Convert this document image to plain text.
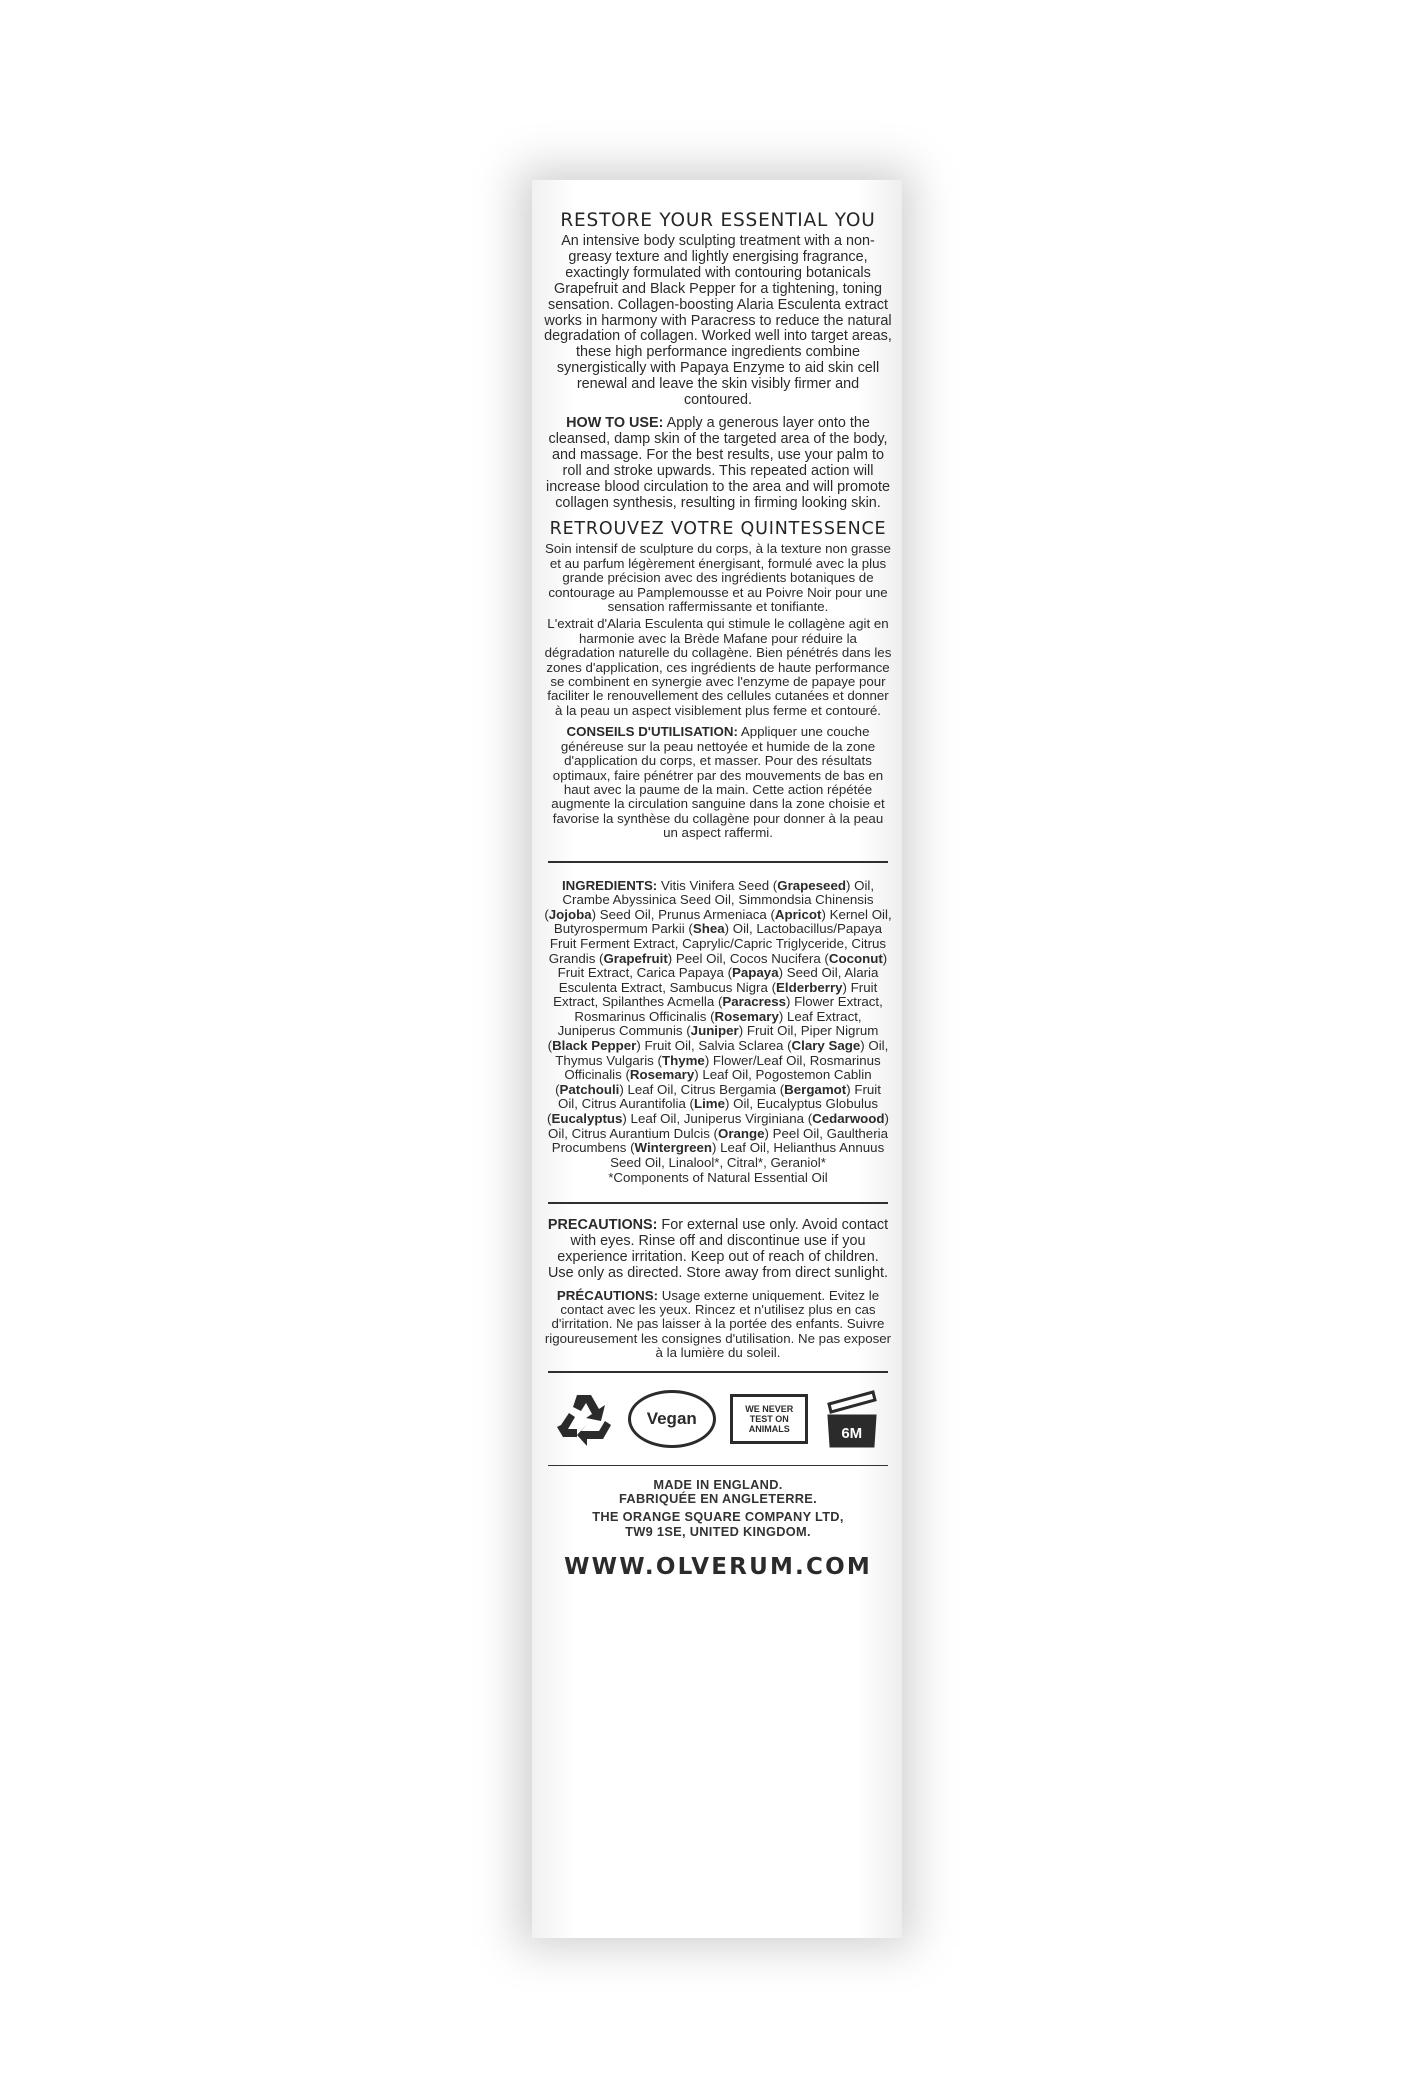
RESTORE YOUR ESSENTIAL YOU

An intensive body sculpting treatment with a non-greasy texture and lightly energising fragrance, exactingly formulated with contouring botanicals Grapefruit and Black Pepper for a tightening, toning sensation. Collagen-boosting Alaria Esculenta extract works in harmony with Paracress to reduce the natural degradation of collagen. Worked well into target areas, these high performance ingredients combine synergistically with Papaya Enzyme to aid skin cell renewal and leave the skin visibly firmer and contoured.

HOW TO USE: Apply a generous layer onto the cleansed, damp skin of the targeted area of the body, and massage. For the best results, use your palm to roll and stroke upwards. This repeated action will increase blood circulation to the area and will promote collagen synthesis, resulting in firming looking skin.

RETROUVEZ VOTRE QUINTESSENCE

Soin intensif de sculpture du corps, à la texture non grasse et au parfum légèrement énergisant, formulé avec la plus grande précision avec des ingrédients botaniques de contourage au Pamplemousse et au Poivre Noir pour une sensation raffermissante et tonifiante.

L'extrait d'Alaria Esculenta qui stimule le collagène agit en harmonie avec la Brède Mafane pour réduire la dégradation naturelle du collagène. Bien pénétrés dans les zones d'application, ces ingrédients de haute performance se combinent en synergie avec l'enzyme de papaye pour faciliter le renouvellement des cellules cutanées et donner à la peau un aspect visiblement plus ferme et contouré.

CONSEILS D'UTILISATION: Appliquer une couche généreuse sur la peau nettoyée et humide de la zone d'application du corps, et masser. Pour des résultats optimaux, faire pénétrer par des mouvements de bas en haut avec la paume de la main. Cette action répétée augmente la circulation sanguine dans la zone choisie et favorise la synthèse du collagène pour donner à la peau un aspect raffermi.

INGREDIENTS: Vitis Vinifera Seed (Grapeseed) Oil, Crambe Abyssinica Seed Oil, Simmondsia Chinensis (Jojoba) Seed Oil, Prunus Armeniaca (Apricot) Kernel Oil, Butyrospermum Parkii (Shea) Oil, Lactobacillus/Papaya Fruit Ferment Extract, Caprylic/Capric Triglyceride, Citrus Grandis (Grapefruit) Peel Oil, Cocos Nucifera (Coconut) Fruit Extract, Carica Papaya (Papaya) Seed Oil, Alaria Esculenta Extract, Sambucus Nigra (Elderberry) Fruit Extract, Spilanthes Acmella (Paracress) Flower Extract, Rosmarinus Officinalis (Rosemary) Leaf Extract, Juniperus Communis (Juniper) Fruit Oil, Piper Nigrum (Black Pepper) Fruit Oil, Salvia Sclarea (Clary Sage) Oil, Thymus Vulgaris (Thyme) Flower/Leaf Oil, Rosmarinus Officinalis (Rosemary) Leaf Oil, Pogostemon Cablin (Patchouli) Leaf Oil, Citrus Bergamia (Bergamot) Fruit Oil, Citrus Aurantifolia (Lime) Oil, Eucalyptus Globulus (Eucalyptus) Leaf Oil, Juniperus Virginiana (Cedarwood) Oil, Citrus Aurantium Dulcis (Orange) Peel Oil, Gaultheria Procumbens (Wintergreen) Leaf Oil, Helianthus Annuus Seed Oil, Linalool*, Citral*, Geraniol*

*Components of Natural Essential Oil

PRECAUTIONS: For external use only. Avoid contact with eyes. Rinse off and discontinue use if you experience irritation. Keep out of reach of children. Use only as directed. Store away from direct sunlight.

PRÉCAUTIONS: Usage externe uniquement. Evitez le contact avec les yeux. Rincez et n'utilisez plus en cas d'irritation. Ne pas laisser à la portée des enfants. Suivre rigoureusement les consignes d'utilisation. Ne pas exposer à la lumière du soleil.

Vegan	WE NEVER
TEST ON
ANIMALS	6M
MADE IN ENGLAND.
FABRIQUÉE EN ANGLETERRE.
THE ORANGE SQUARE COMPANY LTD,
TW9 1SE, UNITED KINGDOM.
WWW.OLVERUM.COM
